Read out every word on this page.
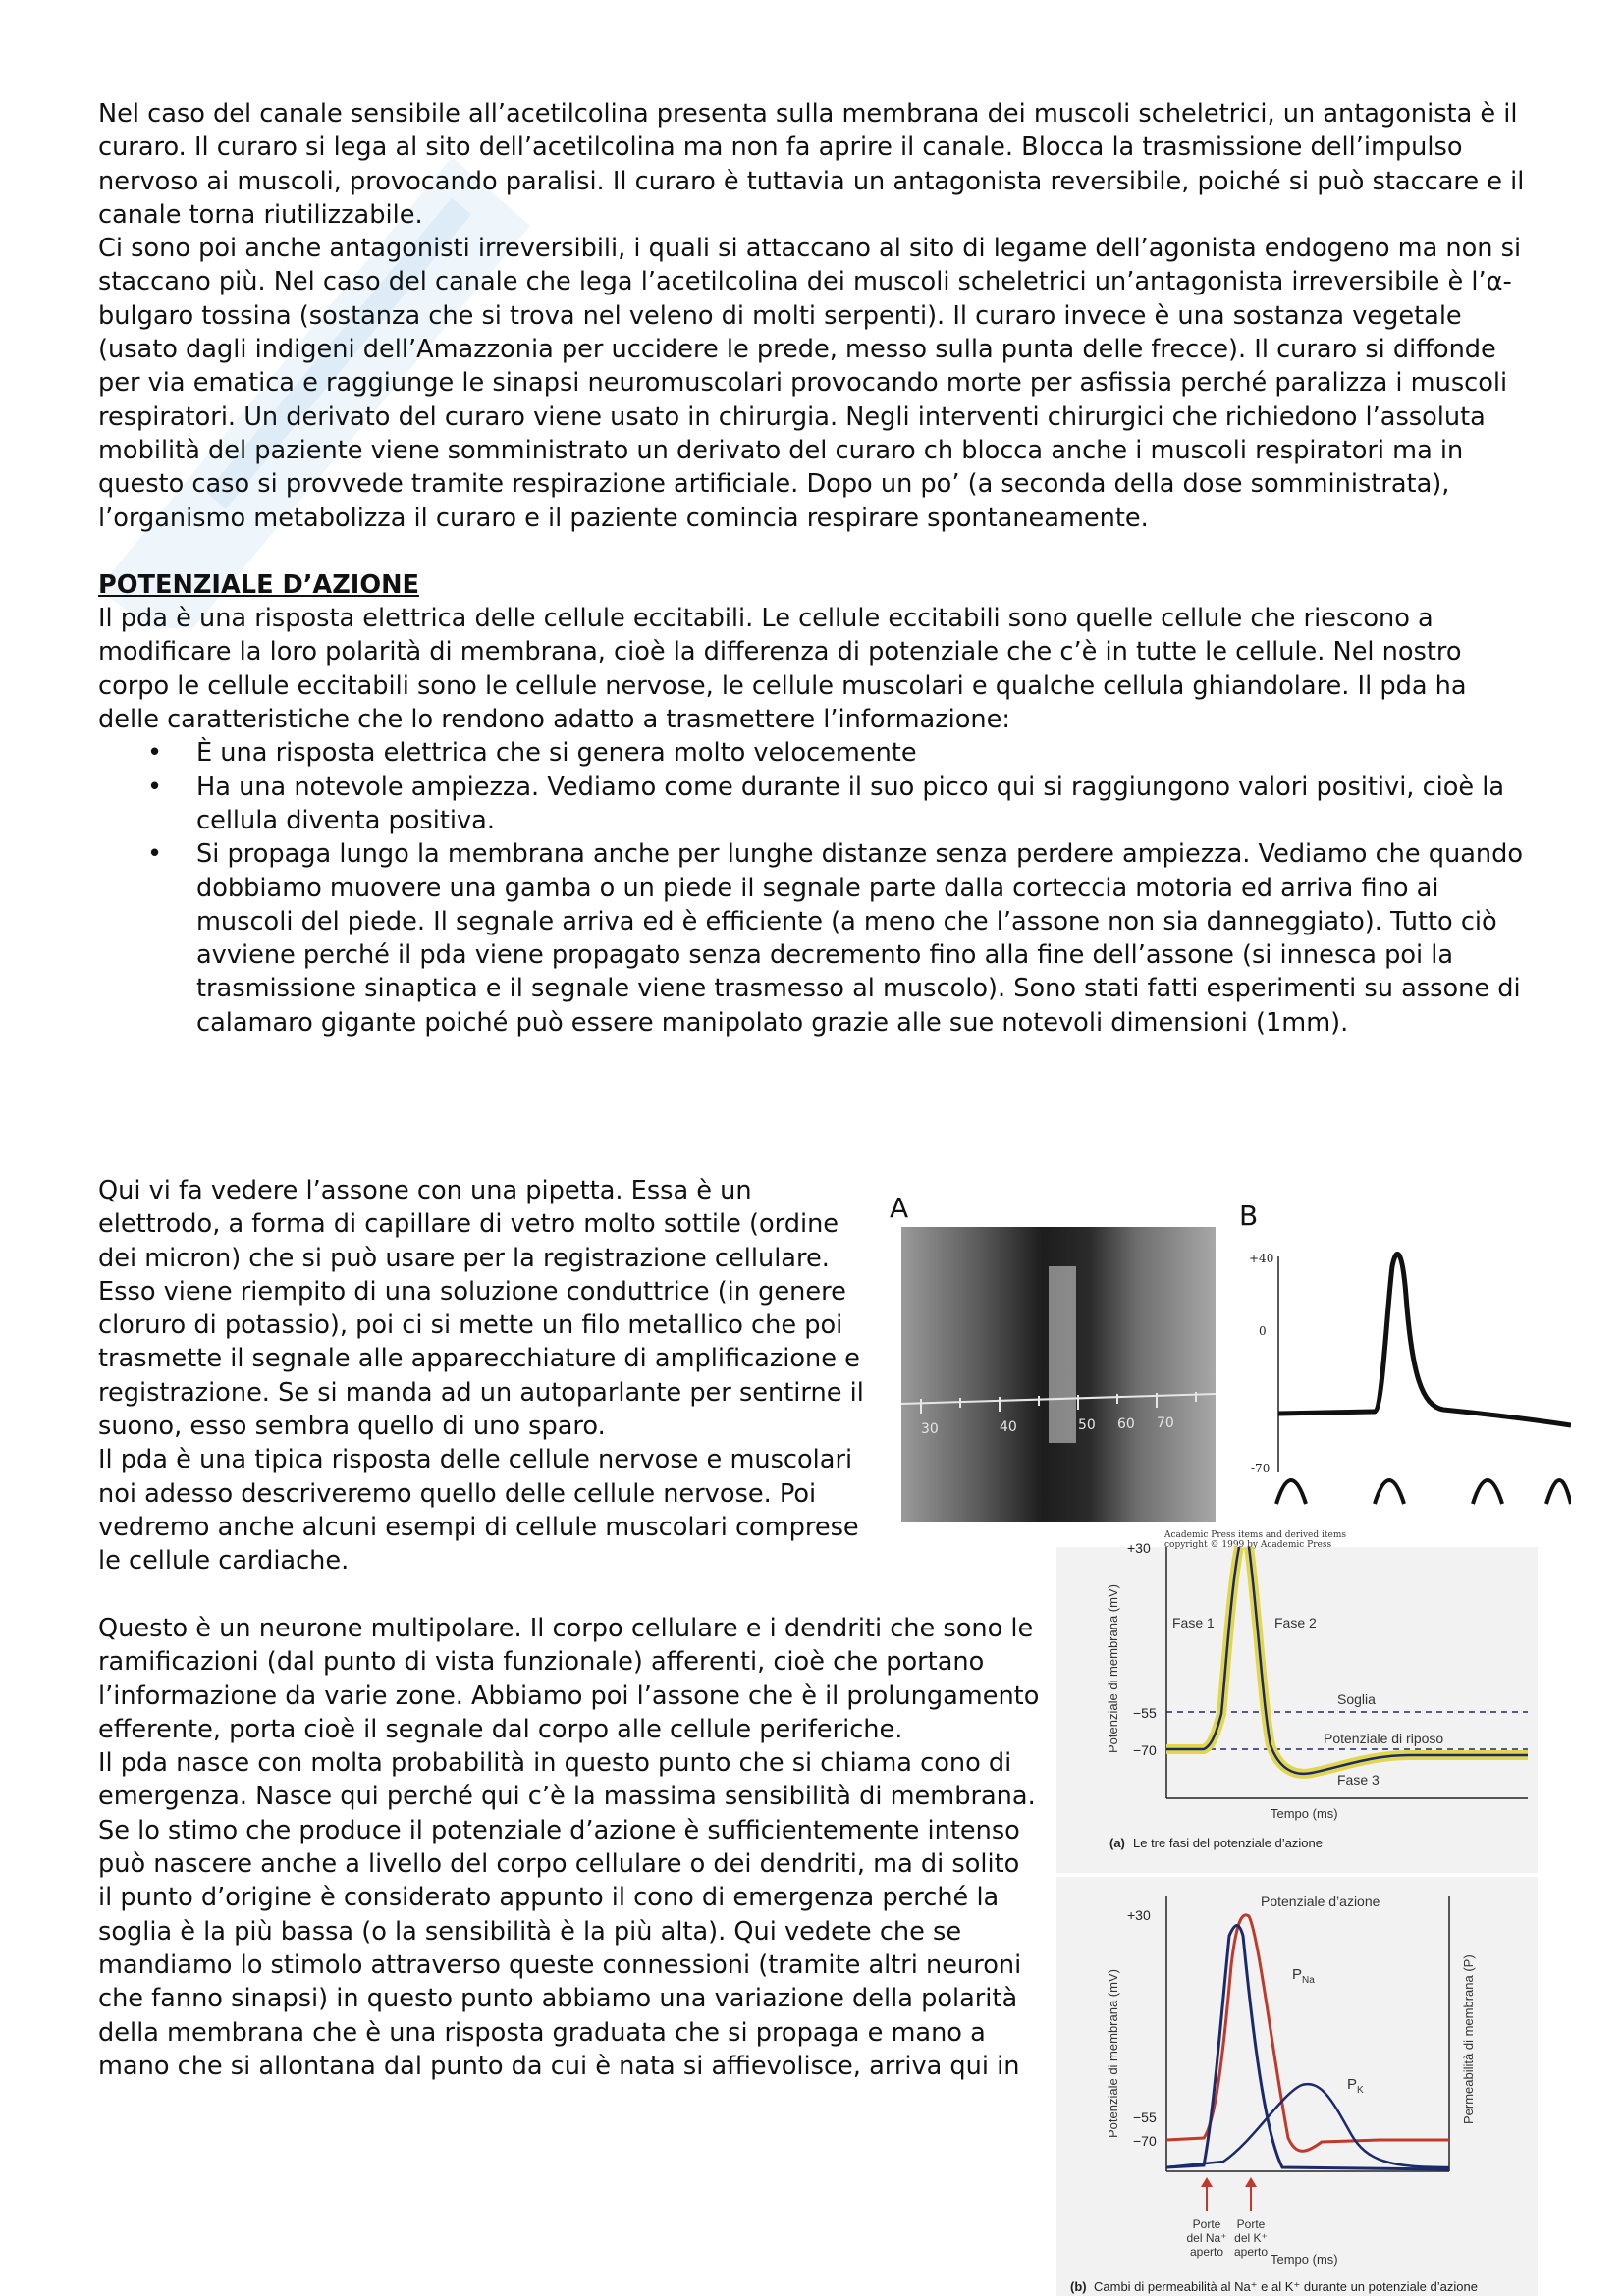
Nel caso del canale sensibile all’acetilcolina presenta sulla membrana dei muscoli scheletrici, un antagonista è il curaro. Il curaro si lega al sito dell’acetilcolina ma non fa aprire il canale. Blocca la trasmissione dell’impulso nervoso ai muscoli, provocando paralisi. Il curaro è tuttavia un antagonista reversibile, poiché si può staccare e il canale torna riutilizzabile.

Ci sono poi anche antagonisti irreversibili, i quali si attaccano al sito di legame dell’agonista endogeno ma non si staccano più. Nel caso del canale che lega l’acetilcolina dei muscoli scheletrici un’antagonista irreversibile è l’α-bulgaro tossina (sostanza che si trova nel veleno di molti serpenti). Il curaro invece è una sostanza vegetale (usato dagli indigeni dell’Amazzonia per uccidere le prede, messo sulla punta delle frecce). Il curaro si diffonde per via ematica e raggiunge le sinapsi neuromuscolari provocando morte per asfissia perché paralizza i muscoli respiratori. Un derivato del curaro viene usato in chirurgia. Negli interventi chirurgici che richiedono l’assoluta mobilità del paziente viene somministrato un derivato del curaro ch blocca anche i muscoli respiratori ma in questo caso si provvede tramite respirazione artificiale. Dopo un po’ (a seconda della dose somministrata), l’organismo metabolizza il curaro e il paziente comincia respirare spontaneamente.

POTENZIALE D’AZIONE

Il pda è una risposta elettrica delle cellule eccitabili. Le cellule eccitabili sono quelle cellule che riescono a modificare la loro polarità di membrana, cioè la differenza di potenziale che c’è in tutte le cellule. Nel nostro corpo le cellule eccitabili sono le cellule nervose, le cellule muscolari e qualche cellula ghiandolare. Il pda ha delle caratteristiche che lo rendono adatto a trasmettere l’informazione:

• È una risposta elettrica che si genera molto velocemente
• Ha una notevole ampiezza. Vediamo come durante il suo picco qui si raggiungono valori positivi, cioè la cellula diventa positiva.
• Si propaga lungo la membrana anche per lunghe distanze senza perdere ampiezza. Vediamo che quando dobbiamo muovere una gamba o un piede il segnale parte dalla corteccia motoria ed arriva fino ai muscoli del piede. Il segnale arriva ed è efficiente (a meno che l’assone non sia danneggiato). Tutto ciò avviene perché il pda viene propagato senza decremento fino alla fine dell’assone (si innesca poi la trasmissione sinaptica e il segnale viene trasmesso al muscolo). Sono stati fatti esperimenti su assone di calamaro gigante poiché può essere manipolato grazie alle sue notevoli dimensioni (1mm).

Qui vi fa vedere l’assone con una pipetta. Essa è un elettrodo, a forma di capillare di vetro molto sottile (ordine dei micron) che si può usare per la registrazione cellulare. Esso viene riempito di una soluzione conduttrice (in genere cloruro di potassio), poi ci si mette un filo metallico che poi trasmette il segnale alle apparecchiature di amplificazione e registrazione. Se si manda ad un autoparlante per sentirne il suono, esso sembra quello di uno sparo.

Il pda è una tipica risposta delle cellule nervose e muscolari noi adesso descriveremo quello delle cellule nervose. Poi vedremo anche alcuni esempi di cellule muscolari comprese le cellule cardiache.

Questo è un neurone multipolare. Il corpo cellulare e i dendriti che sono le ramificazioni (dal punto di vista funzionale) afferenti, cioè che portano l’informazione da varie zone. Abbiamo poi l’assone che è il prolungamento efferente, porta cioè il segnale dal corpo alle cellule periferiche.

Il pda nasce con molta probabilità in questo punto che si chiama cono di emergenza. Nasce qui perché qui c’è la massima sensibilità di membrana. Se lo stimo che produce il potenziale d’azione è sufficientemente intenso può nascere anche a livello del corpo cellulare o dei dendriti, ma di solito il punto d’origine è considerato appunto il cono di emergenza perché la soglia è la più bassa (o la sensibilità è la più alta). Qui vedete che se mandiamo lo stimolo attraverso queste connessioni (tramite altri neuroni che fanno sinapsi) in questo punto abbiamo una variazione della polarità della membrana che è una risposta graduata che si propaga e mano a mano che si allontana dal punto da cui è nata si affievolisce, arriva qui in

A
30	40	50 60 70
B
+40
0
-70
Academic Press items and derived items
copyright © 1999 by Academic Press
Potenziale di membrana (mV)
+30
−55
−70
Fase 1	Fase 2
Fase 3
Soglia
Potenziale di riposo
Tempo (ms)
(a) Le tre fasi del potenziale d’azione
Potenziale di membrana (mV)	Permeabilità di membrana (P)
+30
−55
−70
Potenziale d’azione
$P_{Na}$
$P_K$
Porte
del Na⁺
aperto
Porte
del K⁺
aperto Tempo (ms)
(b) Cambi di permeabilità al Na⁺ e al K⁺ durante un potenziale d’azione
